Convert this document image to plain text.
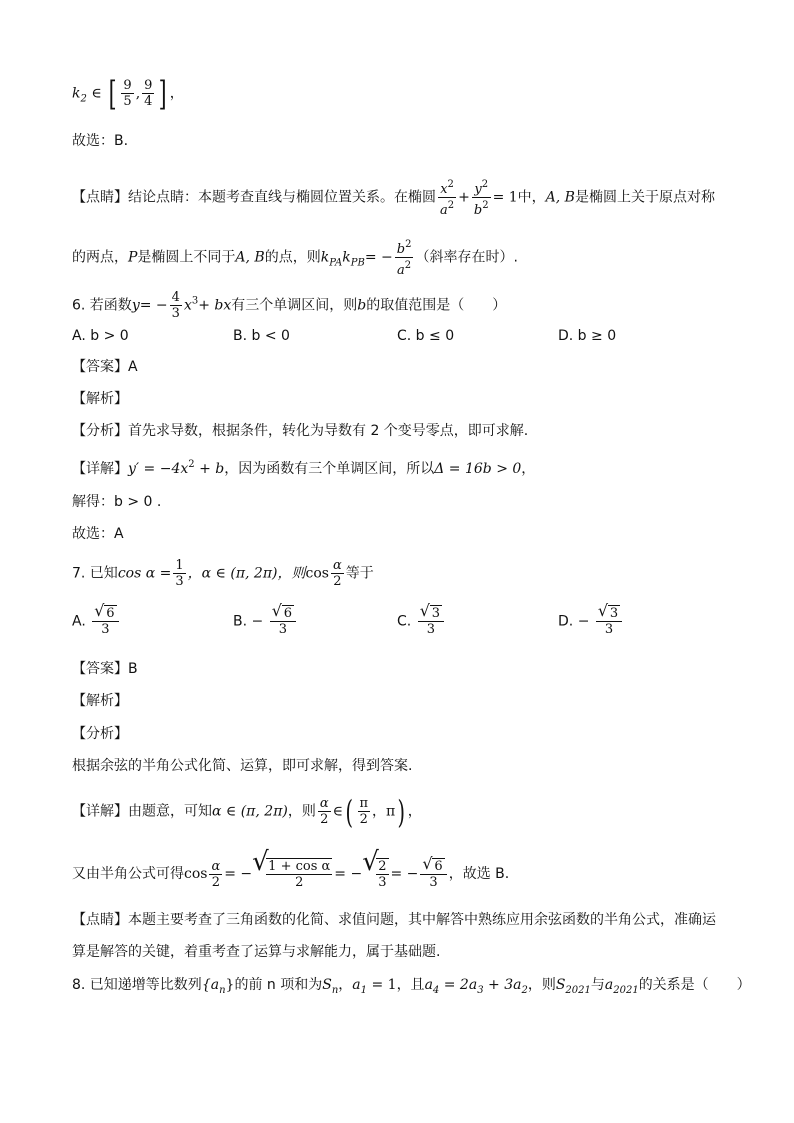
$k_2$ ∈ [ $\frac{9}{5}$ , $\frac{9}{4}$ ] ，
故选：B.
【点睛】结论点睛：本题考查直线与椭圆位置关系。在椭圆 $\frac{x^2}{a^2} + \frac{y^2}{b^2} = 1$中，A, B是椭圆上关于原点对称
的两点，P是椭圆上不同于A, B的点，则$k_{PA}k_{PB}= - \frac{b^2}{a^2}$ （斜率存在时）.
6. 若函数$y= - \frac{4}{3} x^3+$ bx有三个单调区间，则b的取值范围是（　　）
A. b > 0	B. b < 0	C. b ≤ 0	D. b ≥ 0
【答案】A
【解析】
【分析】首先求导数，根据条件，转化为导数有 2 个变号零点，即可求解.
【详解】$y' = -4x^2 + b$，因为函数有三个单调区间，所以Δ = 16b > 0，
解得：b > 0 .
故选：A
7. 已知$\cos \alpha = \frac{1}{3}$ ，α ∈ (π, 2π)，则$\cos \frac{\alpha}{2}$ 等于
A. $\frac{√ 6}{3}$	B. − $\frac{√ 6}{3}$	C. $\frac{√ 3}{3}$	D. − $\frac{√ 3}{3}$
【答案】B
【解析】
【分析】
根据余弦的半角公式化简、运算，即可求解，得到答案.
【详解】由题意，可知α ∈ (π, 2π)，则 $\frac{\alpha}{2}$ ∈( $\frac{\pi}{2}$ ，π) ，
又由半角公式可得$\cos \frac{\alpha}{2}$ = − √
$\frac{\text{1 + cos α}}{2}$ = − √
$\frac{2}{3}$ = − $\frac{√ 6}{3}$ ，故选 B.
【点睛】本题主要考查了三角函数的化简、求值问题，其中解答中熟练应用余弦函数的半角公式，准确运
算是解答的关键，着重考查了运算与求解能力，属于基础题.
8. 已知递增等比数列$\{a_n\}$的前 n 项和为$S_n$，$a_1 = 1$，且$a_4 = 2a_3 + 3a_2$，则$S_{2021}$与$a_{2021}$的关系是（　　）
